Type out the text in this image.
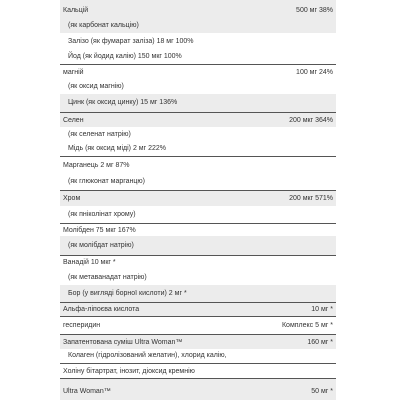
Кальцій	500 мг 38%
(як карбонат кальцію)
Залізо (як фумарат заліза) 18 мг 100%
Йод (як йодид калію) 150 мкг 100%
магній	100 мг 24%
(як оксид магнію)
Цинк (як оксид цинку) 15 мг 136%
Селен	200 мкг 364%
(як селенат натрію)
Мідь (як оксид міді) 2 мг 222%
Марганець 2 мг 87%
(як глюконат марганцю)
Хром	200 мкг 571%
(як пніколінат хрому)
Молібден 75 мкг 167%
(як молібдат натрію)
Ванадій 10 мкг *
(як метаванадат натрію)
Бор (у вигляді борної кислоти) 2 мг *
Альфа-ліпоєва кислота	10 мг *
гесперидин	Комплекс 5 мг *
Запатентована суміш Ultra Woman™	160 мг *
Колаген (гідролізований желатин), хлорид калію,
Холіну бітартрат, інозит, діоксид кремнію
Ultra Woman™	50 мг *
